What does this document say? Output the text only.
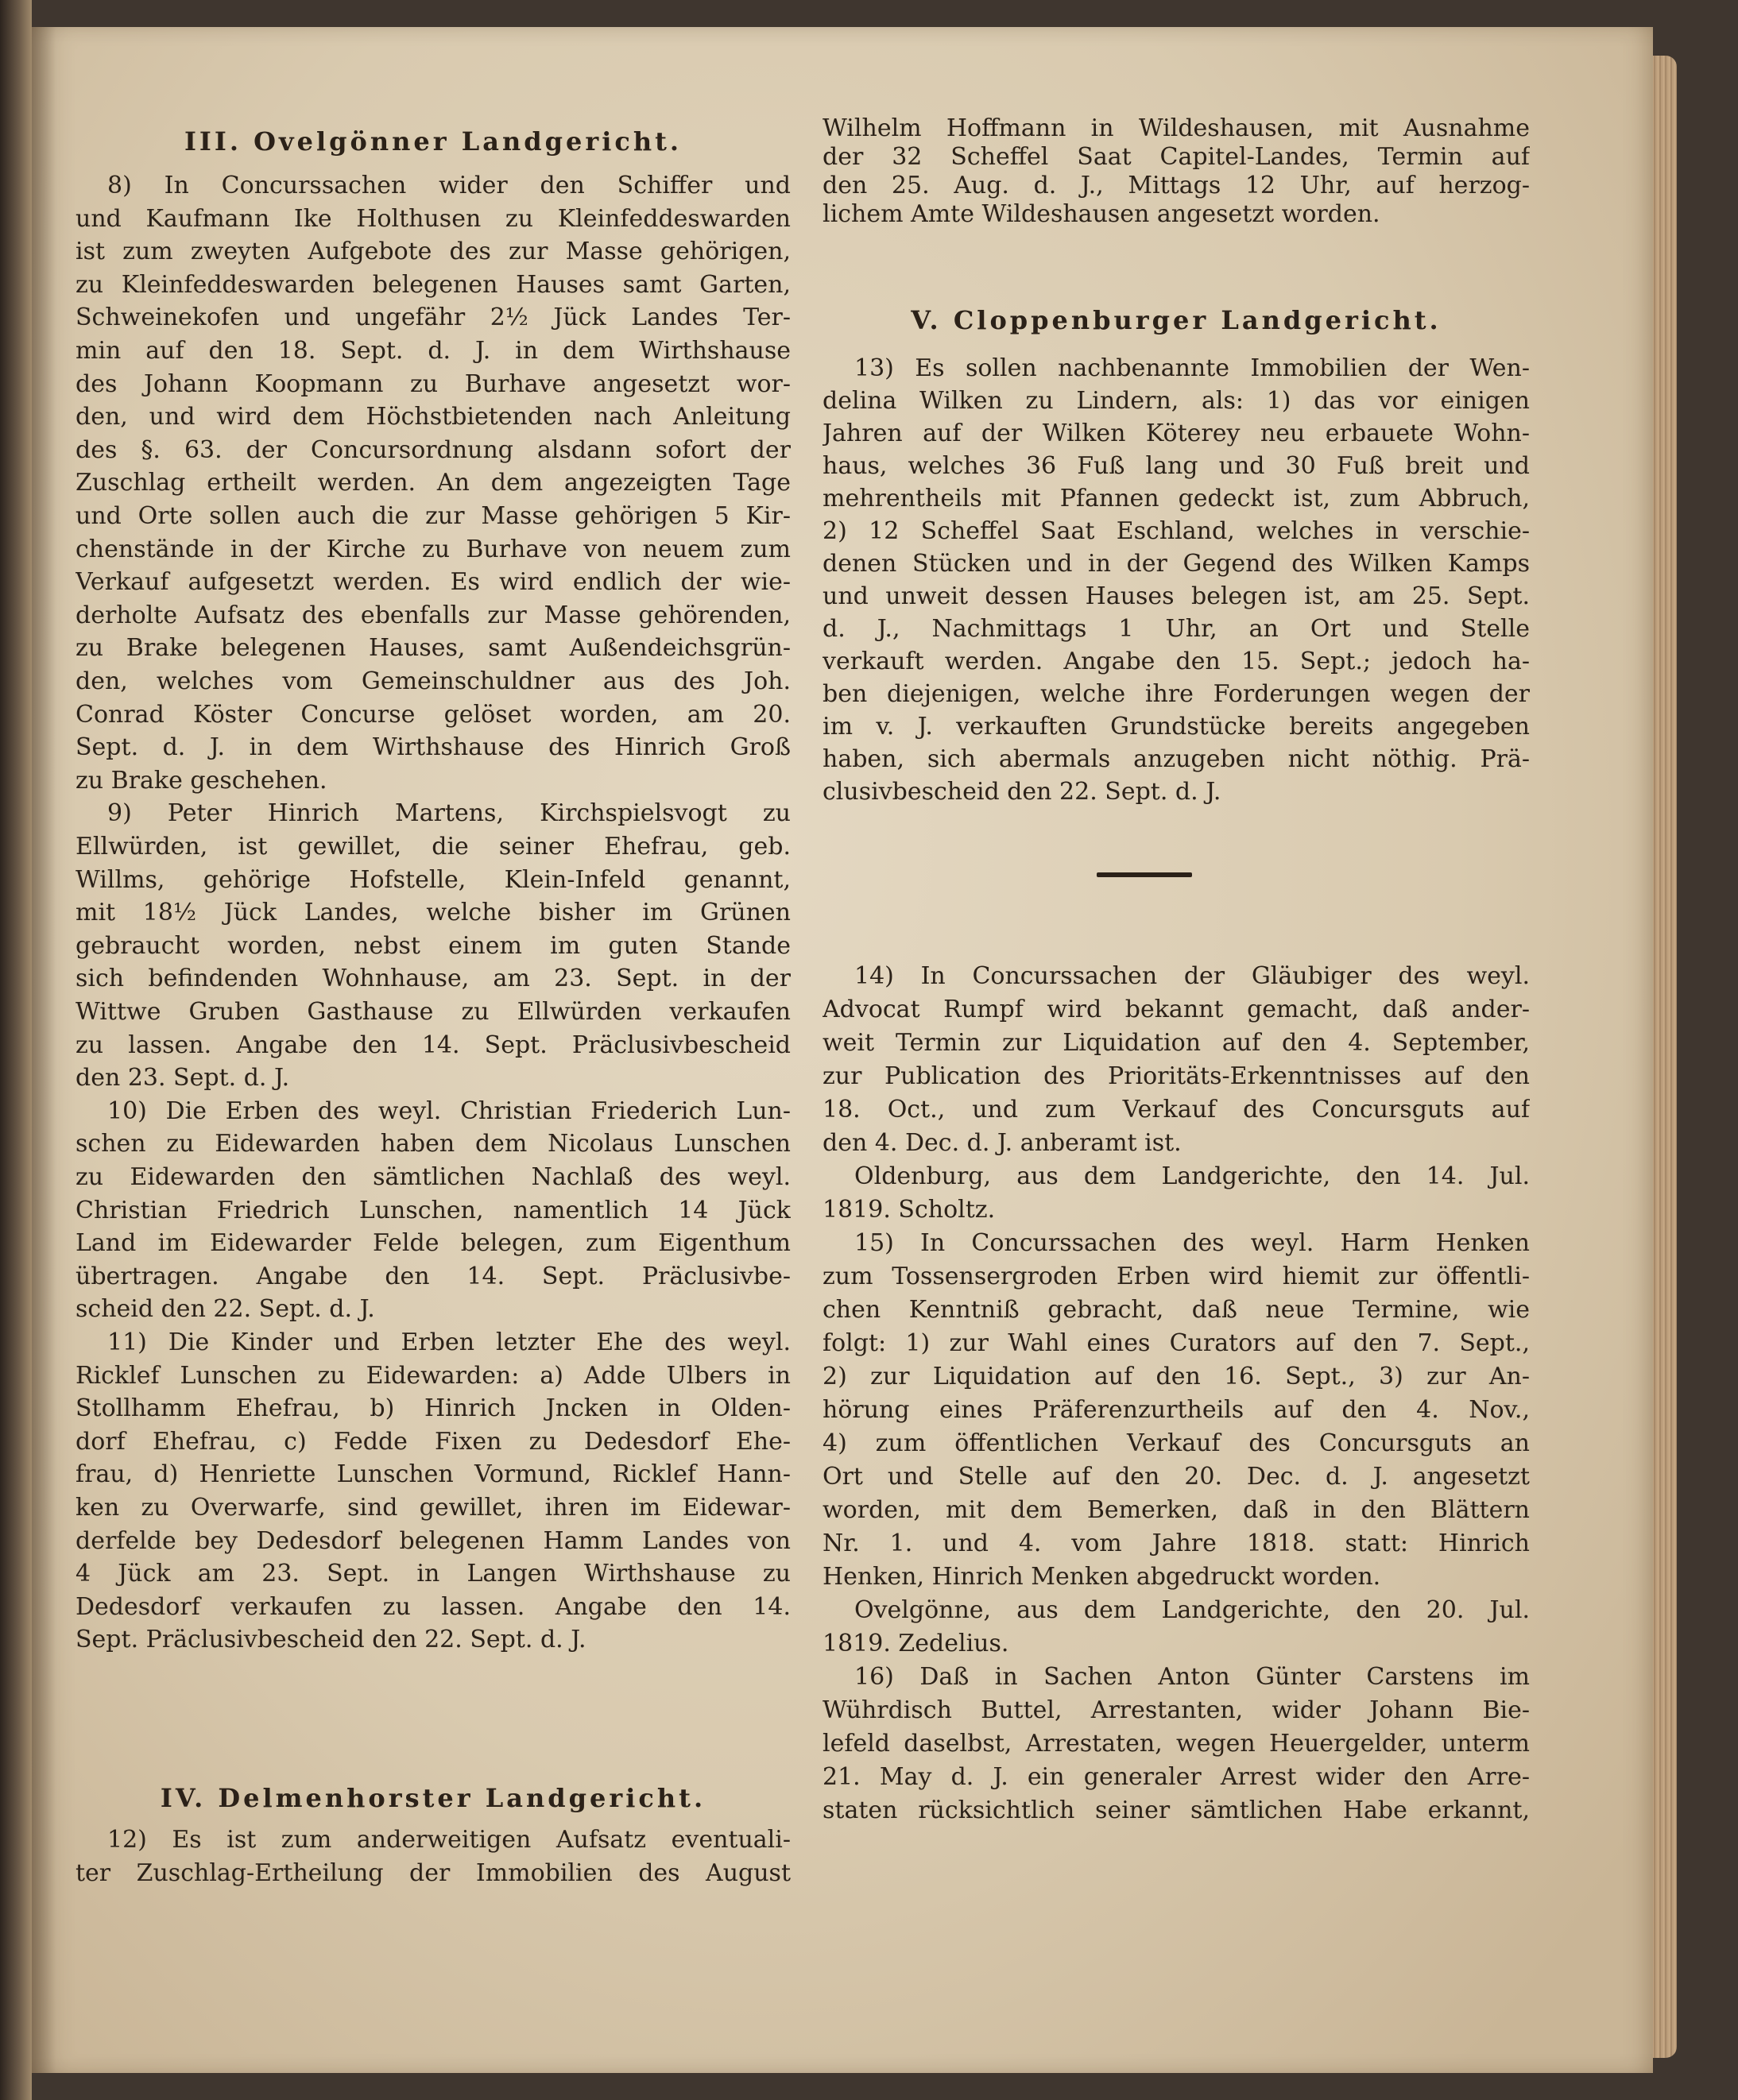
III. Ovelgönner Landgericht.
8) In Concurssachen wider den Schiffer und
und Kaufmann Ike Holthusen zu Kleinfeddeswarden
ist zum zweyten Aufgebote des zur Masse gehörigen,
zu Kleinfeddeswarden belegenen Hauses samt Garten,
Schweinekofen und ungefähr 2½ Jück Landes Ter-
min auf den 18. Sept. d. J. in dem Wirthshause
des Johann Koopmann zu Burhave angesetzt wor-
den, und wird dem Höchstbietenden nach Anleitung
des §. 63. der Concursordnung alsdann sofort der
Zuschlag ertheilt werden. An dem angezeigten Tage
und Orte sollen auch die zur Masse gehörigen 5 Kir-
chenstände in der Kirche zu Burhave von neuem zum
Verkauf aufgesetzt werden. Es wird endlich der wie-
derholte Aufsatz des ebenfalls zur Masse gehörenden,
zu Brake belegenen Hauses, samt Außendeichsgrün-
den, welches vom Gemeinschuldner aus des Joh.
Conrad Köster Concurse gelöset worden, am 20.
Sept. d. J. in dem Wirthshause des Hinrich Groß
zu Brake geschehen.
9) Peter Hinrich Martens, Kirchspielsvogt zu
Ellwürden, ist gewillet, die seiner Ehefrau, geb.
Willms, gehörige Hofstelle, Klein-Infeld genannt,
mit 18½ Jück Landes, welche bisher im Grünen
gebraucht worden, nebst einem im guten Stande
sich befindenden Wohnhause, am 23. Sept. in der
Wittwe Gruben Gasthause zu Ellwürden verkaufen
zu lassen. Angabe den 14. Sept. Präclusivbescheid
den 23. Sept. d. J.
10) Die Erben des weyl. Christian Friederich Lun-
schen zu Eidewarden haben dem Nicolaus Lunschen
zu Eidewarden den sämtlichen Nachlaß des weyl.
Christian Friedrich Lunschen, namentlich 14 Jück
Land im Eidewarder Felde belegen, zum Eigenthum
übertragen. Angabe den 14. Sept. Präclusivbe-
scheid den 22. Sept. d. J.
11) Die Kinder und Erben letzter Ehe des weyl.
Ricklef Lunschen zu Eidewarden: a) Adde Ulbers in
Stollhamm Ehefrau, b) Hinrich Jncken in Olden-
dorf Ehefrau, c) Fedde Fixen zu Dedesdorf Ehe-
frau, d) Henriette Lunschen Vormund, Ricklef Hann-
ken zu Overwarfe, sind gewillet, ihren im Eidewar-
derfelde bey Dedesdorf belegenen Hamm Landes von
4 Jück am 23. Sept. in Langen Wirthshause zu
Dedesdorf verkaufen zu lassen. Angabe den 14.
Sept. Präclusivbescheid den 22. Sept. d. J.
IV. Delmenhorster Landgericht.
12) Es ist zum anderweitigen Aufsatz eventuali-
ter Zuschlag-Ertheilung der Immobilien des August
Wilhelm Hoffmann in Wildeshausen, mit Ausnahme
der 32 Scheffel Saat Capitel-Landes, Termin auf
den 25. Aug. d. J., Mittags 12 Uhr, auf herzog-
lichem Amte Wildeshausen angesetzt worden.
V. Cloppenburger Landgericht.
13) Es sollen nachbenannte Immobilien der Wen-
delina Wilken zu Lindern, als: 1) das vor einigen
Jahren auf der Wilken Köterey neu erbauete Wohn-
haus, welches 36 Fuß lang und 30 Fuß breit und
mehrentheils mit Pfannen gedeckt ist, zum Abbruch,
2) 12 Scheffel Saat Eschland, welches in verschie-
denen Stücken und in der Gegend des Wilken Kamps
und unweit dessen Hauses belegen ist, am 25. Sept.
d. J., Nachmittags 1 Uhr, an Ort und Stelle
verkauft werden. Angabe den 15. Sept.; jedoch ha-
ben diejenigen, welche ihre Forderungen wegen der
im v. J. verkauften Grundstücke bereits angegeben
haben, sich abermals anzugeben nicht nöthig. Prä-
clusivbescheid den 22. Sept. d. J.
14) In Concurssachen der Gläubiger des weyl.
Advocat Rumpf wird bekannt gemacht, daß ander-
weit Termin zur Liquidation auf den 4. September,
zur Publication des Prioritäts-Erkenntnisses auf den
18. Oct., und zum Verkauf des Concursguts auf
den 4. Dec. d. J. anberamt ist.
Oldenburg, aus dem Landgerichte, den 14. Jul.
1819. Scholtz.
15) In Concurssachen des weyl. Harm Henken
zum Tossensergroden Erben wird hiemit zur öffentli-
chen Kenntniß gebracht, daß neue Termine, wie
folgt: 1) zur Wahl eines Curators auf den 7. Sept.,
2) zur Liquidation auf den 16. Sept., 3) zur An-
hörung eines Präferenzurtheils auf den 4. Nov.,
4) zum öffentlichen Verkauf des Concursguts an
Ort und Stelle auf den 20. Dec. d. J. angesetzt
worden, mit dem Bemerken, daß in den Blättern
Nr. 1. und 4. vom Jahre 1818. statt: Hinrich
Henken, Hinrich Menken abgedruckt worden.
Ovelgönne, aus dem Landgerichte, den 20. Jul.
1819. Zedelius.
16) Daß in Sachen Anton Günter Carstens im
Wührdisch Buttel, Arrestanten, wider Johann Bie-
lefeld daselbst, Arrestaten, wegen Heuergelder, unterm
21. May d. J. ein generaler Arrest wider den Arre-
staten rücksichtlich seiner sämtlichen Habe erkannt,
